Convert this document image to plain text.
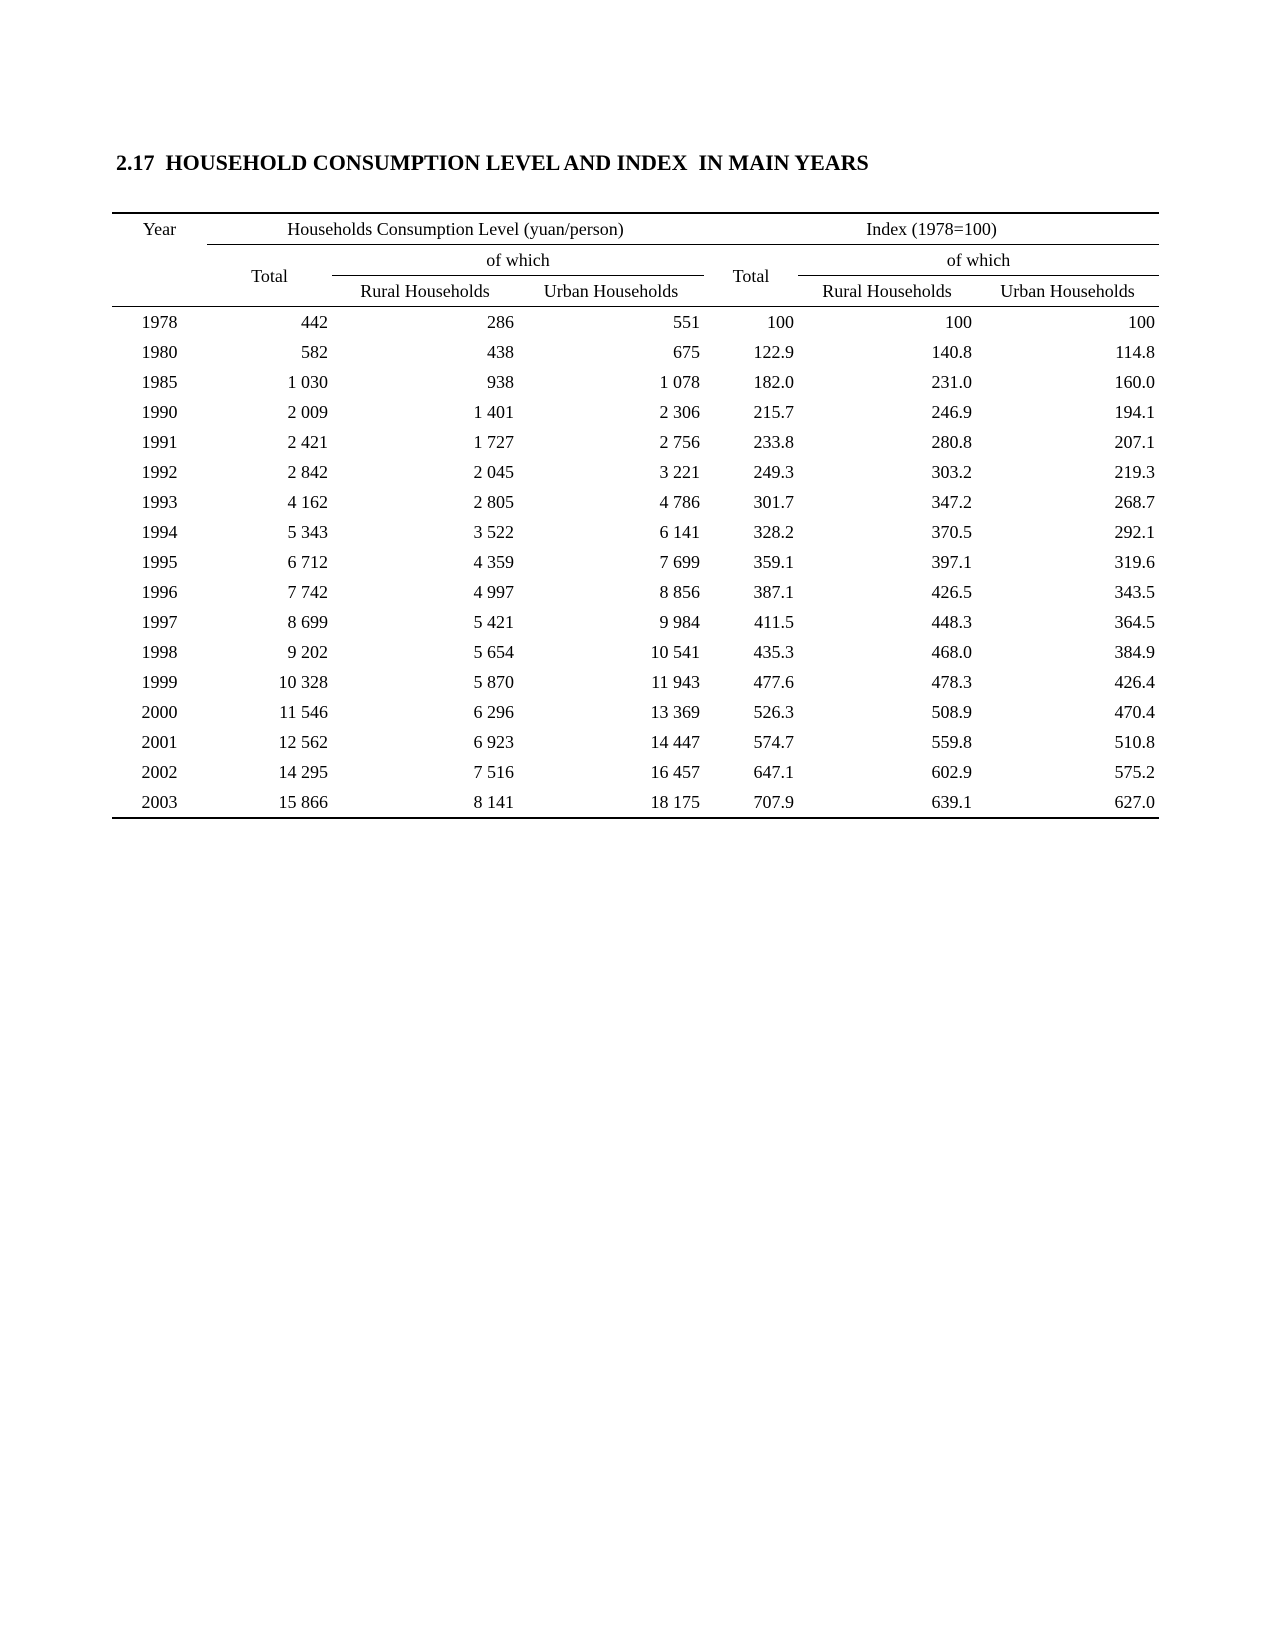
2.17  HOUSEHOLD CONSUMPTION LEVEL AND INDEX  IN MAIN YEARS
Year	Households Consumption Level (yuan/person)			Index (1978=100)		
	Total	of which		Total	of which	
		Rural Households	Urban Households		Rural Households	Urban Households
1978	442	286	551	100	100	100
1980	582	438	675	122.9	140.8	114.8
1985	1 030	938	1 078	182.0	231.0	160.0
1990	2 009	1 401	2 306	215.7	246.9	194.1
1991	2 421	1 727	2 756	233.8	280.8	207.1
1992	2 842	2 045	3 221	249.3	303.2	219.3
1993	4 162	2 805	4 786	301.7	347.2	268.7
1994	5 343	3 522	6 141	328.2	370.5	292.1
1995	6 712	4 359	7 699	359.1	397.1	319.6
1996	7 742	4 997	8 856	387.1	426.5	343.5
1997	8 699	5 421	9 984	411.5	448.3	364.5
1998	9 202	5 654	10 541	435.3	468.0	384.9
1999	10 328	5 870	11 943	477.6	478.3	426.4
2000	11 546	6 296	13 369	526.3	508.9	470.4
2001	12 562	6 923	14 447	574.7	559.8	510.8
2002	14 295	7 516	16 457	647.1	602.9	575.2
2003	15 866	8 141	18 175	707.9	639.1	627.0
